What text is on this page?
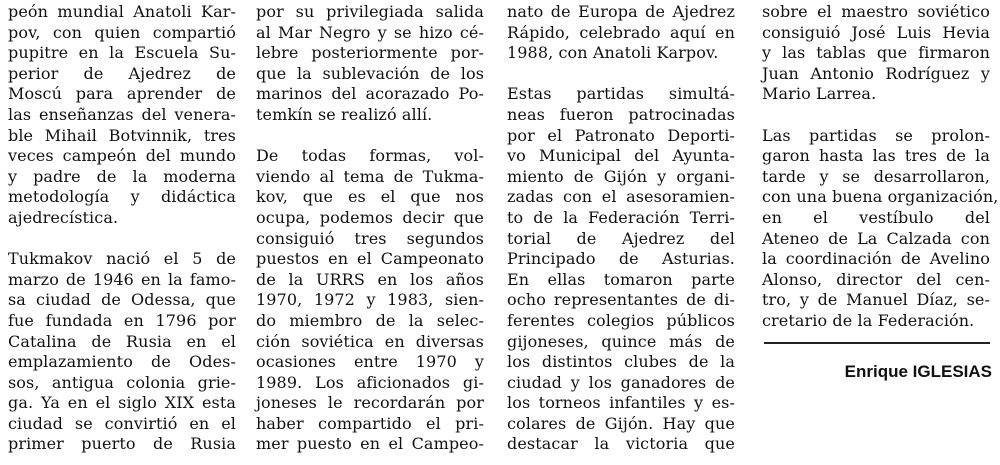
peón mundial Anatoli Kar-
pov, con quien compartió
pupitre en la Escuela Su-
perior de Ajedrez de
Moscú para aprender de
las enseñanzas del venera-
ble Mihail Botvinnik, tres
veces campeón del mundo
y padre de la moderna
metodología y didáctica
ajedrecística.
Tukmakov nació el 5 de
marzo de 1946 en la famo-
sa ciudad de Odessa, que
fue fundada en 1796 por
Catalina de Rusia en el
emplazamiento de Odes-
sos, antigua colonia grie-
ga. Ya en el siglo XIX esta
ciudad se convirtió en el
primer puerto de Rusia
por su privilegiada salida
al Mar Negro y se hizo cé-
lebre posteriormente por-
que la sublevación de los
marinos del acorazado Po-
temkín se realizó allí.
De todas formas, vol-
viendo al tema de Tukma-
kov, que es el que nos
ocupa, podemos decir que
consiguió tres segundos
puestos en el Campeonato
de la URRS en los años
1970, 1972 y 1983, sien-
do miembro de la selec-
ción soviética en diversas
ocasiones entre 1970 y
1989. Los aficionados gi-
joneses le recordarán por
haber compartido el pri-
mer puesto en el Campeo-
nato de Europa de Ajedrez
Rápido, celebrado aquí en
1988, con Anatoli Karpov.
Estas partidas simultá-
neas fueron patrocinadas
por el Patronato Deporti-
vo Municipal del Ayunta-
miento de Gijón y organi-
zadas con el asesoramien-
to de la Federación Terri-
torial de Ajedrez del
Principado de Asturias.
En ellas tomaron parte
ocho representantes de di-
ferentes colegios públicos
gijoneses, quince más de
los distintos clubes de la
ciudad y los ganadores de
los torneos infantiles y es-
colares de Gijón. Hay que
destacar la victoria que
sobre el maestro soviético
consiguió José Luis Hevia
y las tablas que firmaron
Juan Antonio Rodríguez y
Mario Larrea.
Las partidas se prolon-
garon hasta las tres de la
tarde y se desarrollaron,
con una buena organización,
en el vestíbulo del
Ateneo de La Calzada con
la coordinación de Avelino
Alonso, director del cen-
tro, y de Manuel Díaz, se-
cretario de la Federación.
Enrique IGLESIAS
